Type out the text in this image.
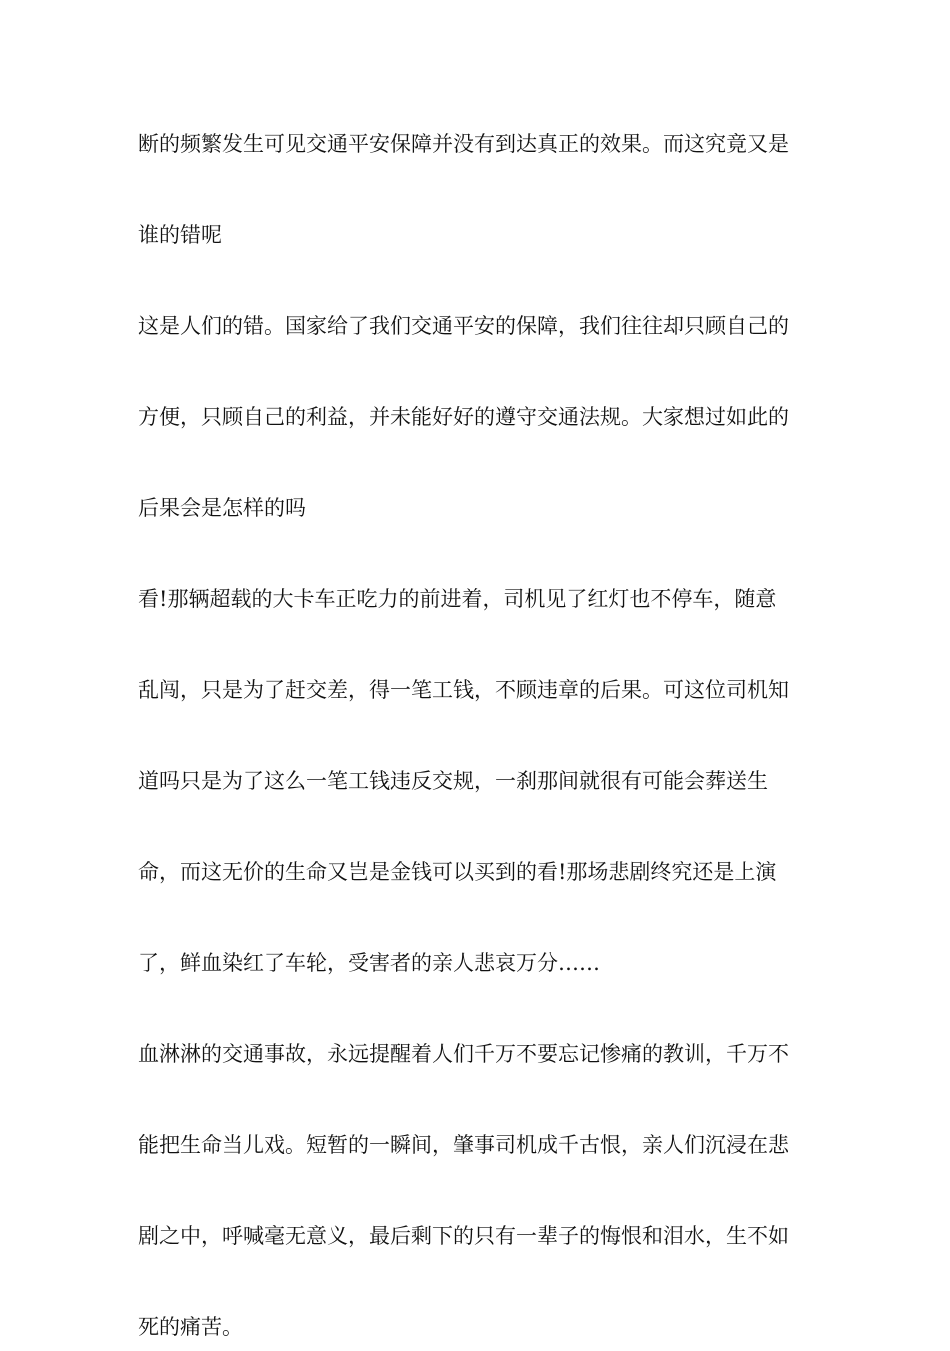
断的频繁发生可见交通平安保障并没有到达真正的效果。而这究竟又是
谁的错呢
这是人们的错。国家给了我们交通平安的保障，我们往往却只顾自己的
方便，只顾自己的利益，并未能好好的遵守交通法规。大家想过如此的
后果会是怎样的吗
看!那辆超载的大卡车正吃力的前进着，司机见了红灯也不停车，随意
乱闯，只是为了赶交差，得一笔工钱，不顾违章的后果。可这位司机知
道吗只是为了这么一笔工钱违反交规，一刹那间就很有可能会葬送生
命，而这无价的生命又岂是金钱可以买到的看!那场悲剧终究还是上演
了，鲜血染红了车轮，受害者的亲人悲哀万分……
血淋淋的交通事故，永远提醒着人们千万不要忘记惨痛的教训，千万不
能把生命当儿戏。短暂的一瞬间，肇事司机成千古恨，亲人们沉浸在悲
剧之中，呼喊毫无意义，最后剩下的只有一辈子的悔恨和泪水，生不如
死的痛苦。
